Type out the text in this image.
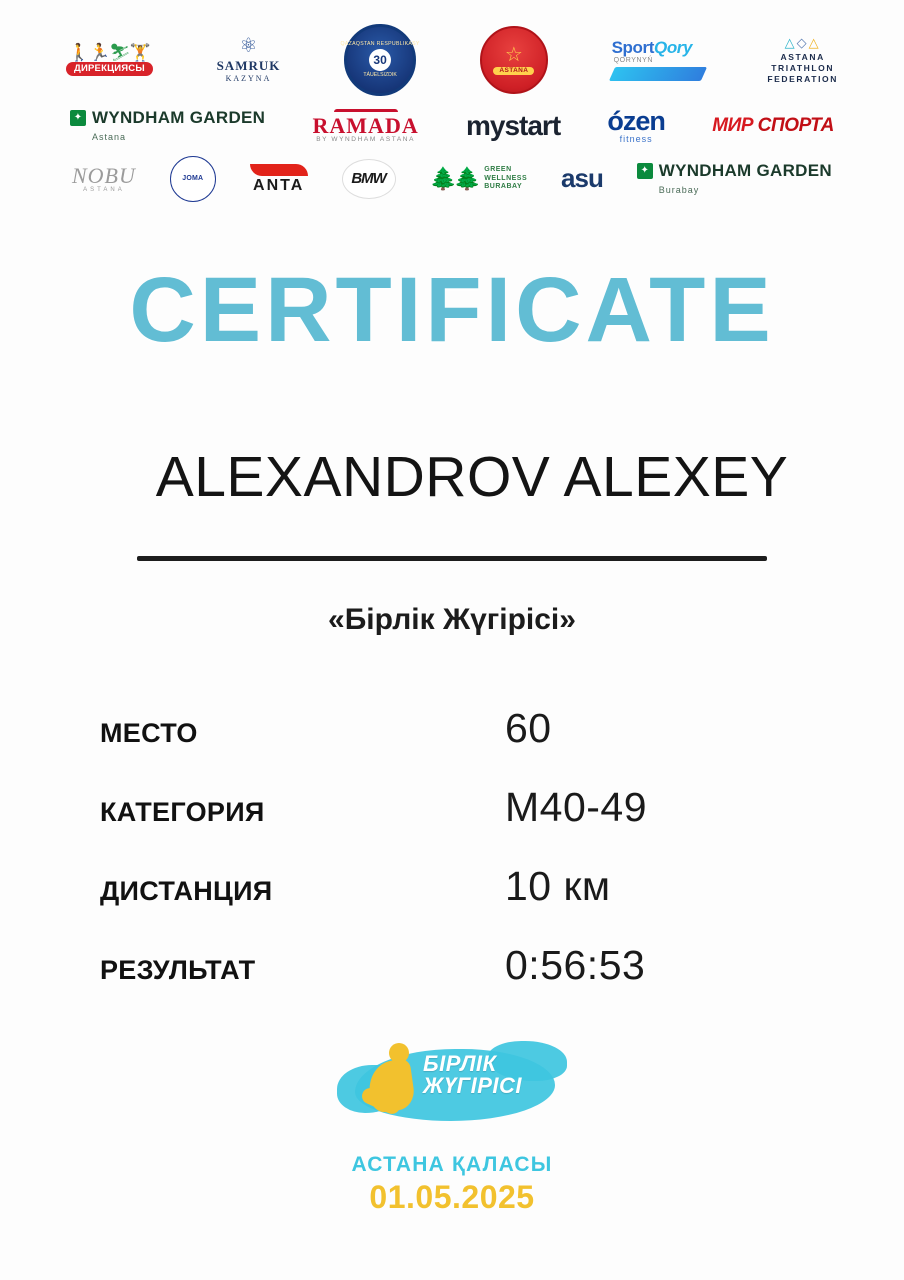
🚶🏃⛷🏋
ДИРЕКЦИЯСЫ
⚛
SAMRUK
KAZYNA
QAZAQSTAN RESPUBLIKASY
30
TÁUELSIZDIK
☆
ASTANA
SportQory
QORYNYŃ
△◇△
ASTANA
TRIATHLON
FEDERATION
✦ WYNDHAM GARDEN
Astana	RAMADA
BY WYNDHAM ASTANA mystart ózen
fitness
МИР
СПОРТА
NOBU
ASTANA
JOMA	ANTA	BMW	🌲🌲 GREEN
WELLNESS
BURABAY asu	✦ WYNDHAM GARDEN
Burabay
CERTIFICATE
ALEXANDROV ALEXEY
«Бірлік Жүгірісі»
МЕСТО	60
КАТЕГОРИЯ	M40-49
ДИСТАНЦИЯ	10 км
РЕЗУЛЬТАТ	0:56:53
БІРЛІК
ЖҮГІРІСІ
АСТАНА ҚАЛАСЫ
01.05.2025
